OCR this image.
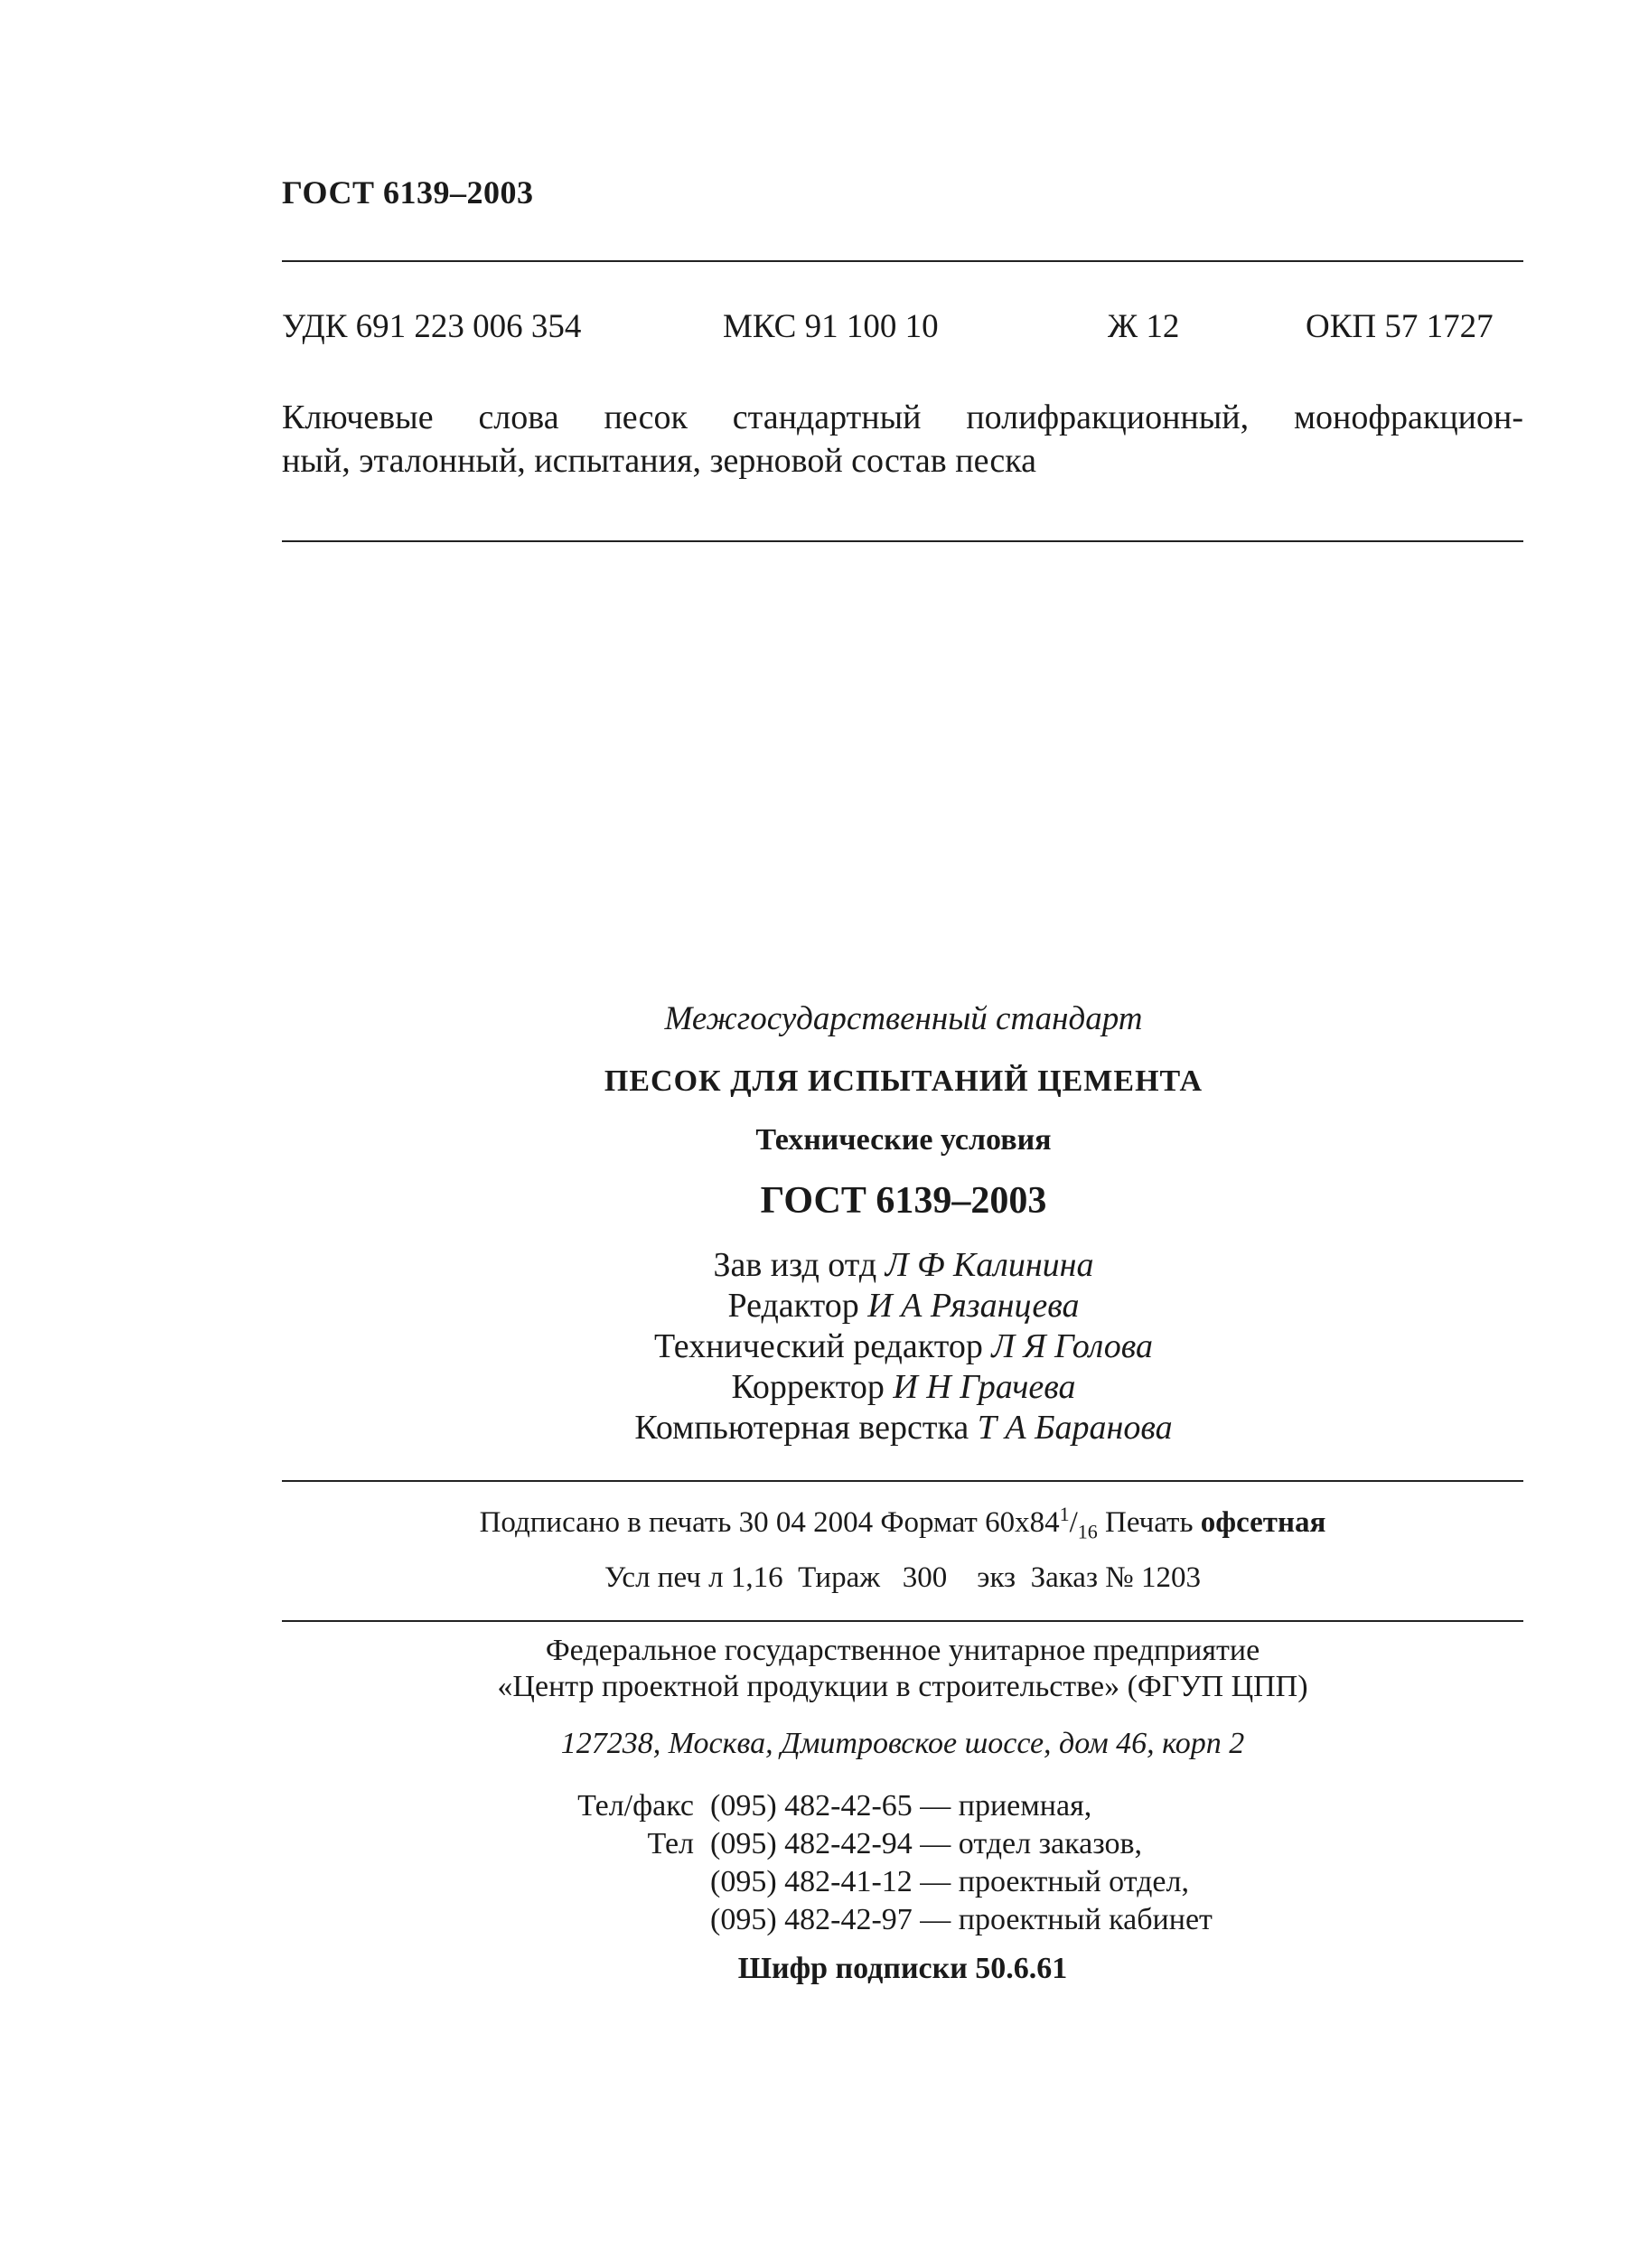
ГОСТ 6139–2003
УДК 691 223 006 354	МКС 91 100 10	Ж 12	ОКП 57 1727
Ключевые слова песок стандартный полифракционный, монофракцион-
ный, эталонный, испытания, зерновой состав песка
Межгосударственный стандарт
ПЕСОК ДЛЯ ИСПЫТАНИЙ ЦЕМЕНТА
Технические условия
ГОСТ 6139–2003
Зав изд отд Л Ф Калинина
Редактор И А Рязанцева
Технический редактор Л Я Голова
Корректор И Н Грачева
Компьютерная верстка Т А Баранова
Подписано в печать 30 04 2004 Формат $60x84^1/_{16}$ Печать офсетная
Усл печ л 1,16  Тираж   300    экз  Заказ № 1203
Федеральное государственное унитарное предприятие
«Центр проектной продукции в строительстве» (ФГУП ЦПП)
127238, Москва, Дмитровское шоссе, дом 46, корп 2
Тел/факс (095) 482-42-65 — приемная,
Тел (095) 482-42-94 — отдел заказов,
(095) 482-41-12 — проектный отдел,
(095) 482-42-97 — проектный кабинет
Шифр подписки 50.6.61
